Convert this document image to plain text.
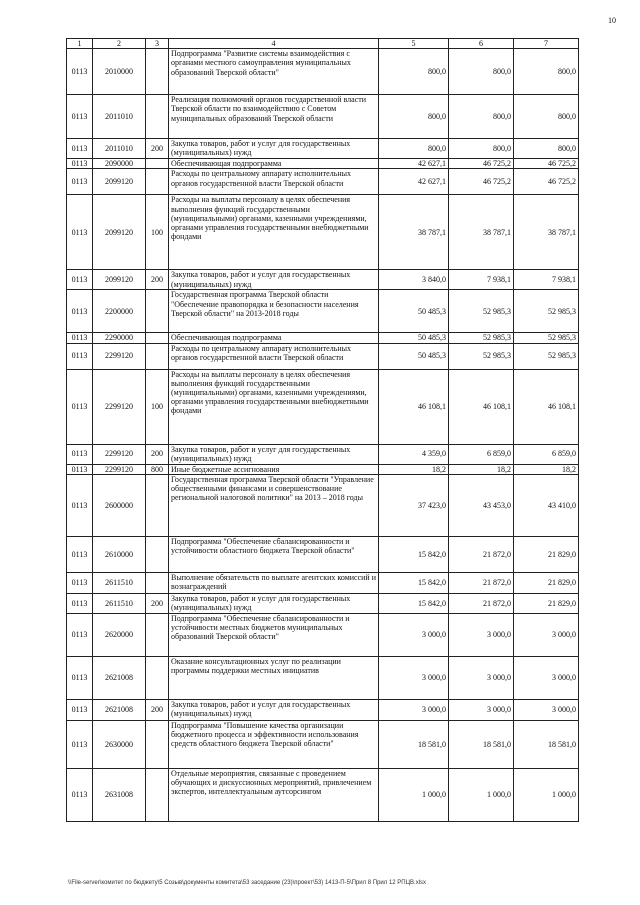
10
1	2	3	4	5	6	7
0113	2010000		Подпрограмма "Развитие системы взаимодействия с органами местного самоуправления муниципальных образований Тверской области"	800,0	800,0	800,0
0113	2011010		Реализация полномочий органов государственной власти Тверской области по взаимодействию с Советом муниципальных образований Тверской области	800,0	800,0	800,0
0113	2011010	200	Закупка товаров, работ и услуг для государственных (муниципальных) нужд	800,0	800,0	800,0
0113	2090000		Обеспечивающая подпрограмма	42 627,1	46 725,2	46 725,2
0113	2099120		Расходы по центральному аппарату исполнительных органов государственной власти Тверской области	42 627,1	46 725,2	46 725,2
0113	2099120	100	Расходы на выплаты персоналу в целях обеспечения выполнения функций государственными (муниципальными) органами, казенными учреждениями, органами управления государственными внебюджетными фондами	38 787,1	38 787,1	38 787,1
0113	2099120	200	Закупка товаров, работ и услуг для государственных (муниципальных) нужд	3 840,0	7 938,1	7 938,1
0113	2200000		Государственная программа Тверской области "Обеспечение правопорядка и безопасности населения Тверской области" на 2013-2018 годы	50 485,3	52 985,3	52 985,3
0113	2290000		Обеспечивающая подпрограмма	50 485,3	52 985,3	52 985,3
0113	2299120		Расходы по центральному аппарату исполнительных органов государственной власти Тверской области	50 485,3	52 985,3	52 985,3
0113	2299120	100	Расходы на выплаты персоналу в целях обеспечения выполнения функций государственными (муниципальными) органами, казенными учреждениями, органами управления государственными внебюджетными фондами	46 108,1	46 108,1	46 108,1
0113	2299120	200	Закупка товаров, работ и услуг для государственных (муниципальных) нужд	4 359,0	6 859,0	6 859,0
0113	2299120	800	Иные бюджетные ассигнования	18,2	18,2	18,2
0113	2600000		Государственная программа Тверской области "Управление общественными финансами и совершенствование региональной налоговой политики" на 2013 – 2018 годы	37 423,0	43 453,0	43 410,0
0113	2610000		Подпрограмма "Обеспечение сбалансированности и устойчивости областного бюджета Тверской области"	15 842,0	21 872,0	21 829,0
0113	2611510		Выполнение обязательств по выплате агентских комиссий и вознаграждений	15 842,0	21 872,0	21 829,0
0113	2611510	200	Закупка товаров, работ и услуг для государственных (муниципальных) нужд	15 842,0	21 872,0	21 829,0
0113	2620000		Подпрограмма "Обеспечение сбалансированности и устойчивости местных бюджетов муниципальных образований Тверской области"	3 000,0	3 000,0	3 000,0
0113	2621008		Оказание консультационных услуг по реализации программы поддержки местных инициатив	3 000,0	3 000,0	3 000,0
0113	2621008	200	Закупка товаров, работ и услуг для государственных (муниципальных) нужд	3 000,0	3 000,0	3 000,0
0113	2630000		Подпрограмма "Повышение качества организации бюджетного процесса и эффективности использования средств областного бюджета Тверской области"	18 581,0	18 581,0	18 581,0
0113	2631008		Отдельные мероприятия, связанные с проведением обучающих и дискуссионных мероприятий, привлечением экспертов, интеллектуальным аутсорсингом	1 000,0	1 000,0	1 000,0
\\File-server\комитет по бюджету\5 Созыв\документы комитета\53 заседание (23)\проект\53) 1413-П-5\Прил 8 Прил 12 РПЦВ.xlsx
